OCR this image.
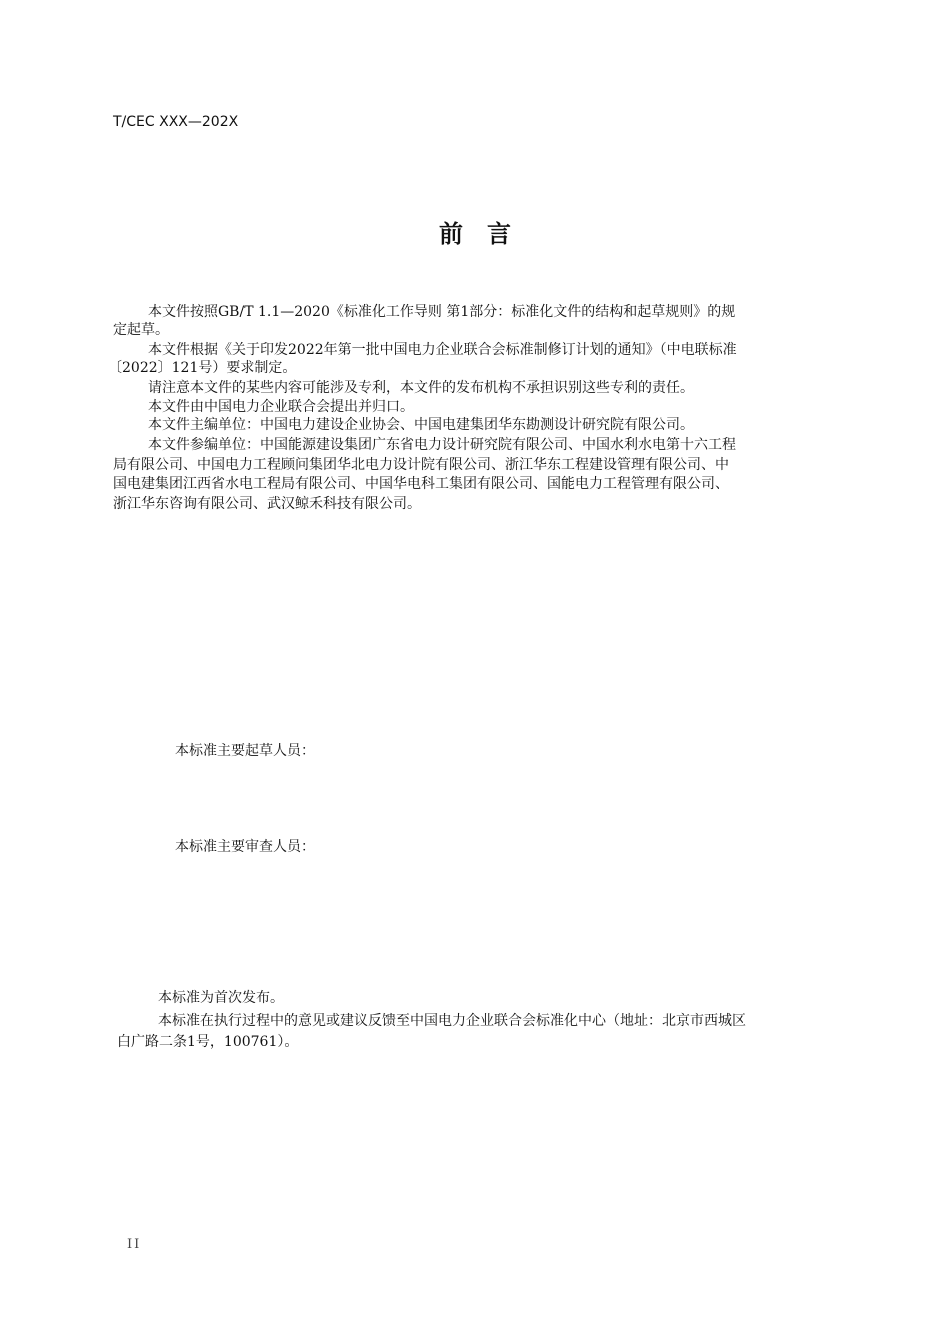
T/CEC XXX—202X
前言
本文件按照GB/T 1.1—2020《标准化工作导则 第1部分：标准化文件的结构和起草规则》的规
定起草。
本文件根据《关于印发2022年第一批中国电力企业联合会标准制修订计划的通知》（中电联标准
〔2022〕121号）要求制定。
请注意本文件的某些内容可能涉及专利，本文件的发布机构不承担识别这些专利的责任。
本文件由中国电力企业联合会提出并归口。
本文件主编单位：中国电力建设企业协会、中国电建集团华东勘测设计研究院有限公司。
本文件参编单位：中国能源建设集团广东省电力设计研究院有限公司、中国水利水电第十六工程
局有限公司、中国电力工程顾问集团华北电力设计院有限公司、浙江华东工程建设管理有限公司、中
国电建集团江西省水电工程局有限公司、中国华电科工集团有限公司、国能电力工程管理有限公司、
浙江华东咨询有限公司、武汉鲸禾科技有限公司。
本标准主要起草人员：
本标准主要审查人员：
本标准为首次发布。
本标准在执行过程中的意见或建议反馈至中国电力企业联合会标准化中心（地址：北京市西城区
白广路二条1号，100761）。
II
